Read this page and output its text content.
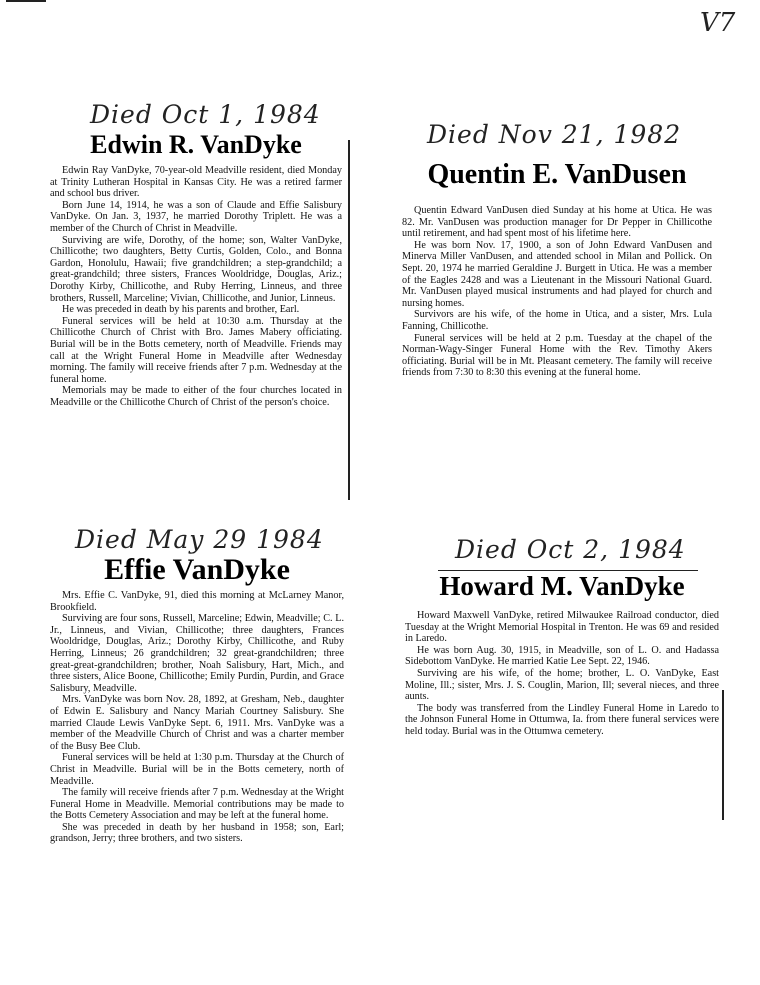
V7
Died Oct 1, 1984
Edwin R. VanDyke

Edwin Ray VanDyke, 70-year-old Meadville resident, died Monday at Trinity Lutheran Hospital in Kansas City. He was a retired farmer and school bus driver.

Born June 14, 1914, he was a son of Claude and Effie Salisbury VanDyke. On Jan. 3, 1937, he married Dorothy Triplett. He was a member of the Church of Christ in Meadville.

Surviving are wife, Dorothy, of the home; son, Walter VanDyke, Chillicothe; two daughters, Betty Curtis, Golden, Colo., and Bonna Gardon, Honolulu, Hawaii; five grandchildren; a step-grandchild; a great-grandchild; three sisters, Frances Wooldridge, Douglas, Ariz.; Dorothy Kirby, Chillicothe, and Ruby Herring, Linneus, and three brothers, Russell, Marceline; Vivian, Chillicothe, and Junior, Linneus.

He was preceded in death by his parents and brother, Earl.

Funeral services will be held at 10:30 a.m. Thursday at the Chillicothe Church of Christ with Bro. James Mabery officiating. Burial will be in the Botts cemetery, north of Meadville. Friends may call at the Wright Funeral Home in Meadville after Wednesday morning. The family will receive friends after 7 p.m. Wednesday at the funeral home.

Memorials may be made to either of the four churches located in Meadville or the Chillicothe Church of Christ of the person's choice.

Died Nov 21, 1982
Quentin E. VanDusen

Quentin Edward VanDusen died Sunday at his home at Utica. He was 82. Mr. VanDusen was production manager for Dr Pepper in Chillicothe until retirement, and had spent most of his lifetime here.

He was born Nov. 17, 1900, a son of John Edward VanDusen and Minerva Miller VanDusen, and attended school in Milan and Pollick. On Sept. 20, 1974 he married Geraldine J. Burgett in Utica. He was a member of the Eagles 2428 and was a Lieutenant in the Missouri National Guard. Mr. VanDusen played musical instruments and had played for church and nursing homes.

Survivors are his wife, of the home in Utica, and a sister, Mrs. Lula Fanning, Chillicothe.

Funeral services will be held at 2 p.m. Tuesday at the chapel of the Norman-Wagy-Singer Funeral Home with the Rev. Timothy Akers officiating. Burial will be in Mt. Pleasant cemetery. The family will receive friends from 7:30 to 8:30 this evening at the funeral home.

Died May 29 1984
Effie VanDyke

Mrs. Effie C. VanDyke, 91, died this morning at McLarney Manor, Brookfield.

Surviving are four sons, Russell, Marceline; Edwin, Meadville; C. L. Jr., Linneus, and Vivian, Chillicothe; three daughters, Frances Wooldridge, Douglas, Ariz.; Dorothy Kirby, Chillicothe, and Ruby Herring, Linneus; 26 grandchildren; 32 great-grandchildren; three great-great-grandchildren; brother, Noah Salisbury, Hart, Mich., and three sisters, Alice Boone, Chillicothe; Emily Purdin, Purdin, and Grace Salisbury, Meadville.

Mrs. VanDyke was born Nov. 28, 1892, at Gresham, Neb., daughter of Edwin E. Salisbury and Nancy Mariah Courtney Salisbury. She married Claude Lewis VanDyke Sept. 6, 1911. Mrs. VanDyke was a member of the Meadville Church of Christ and was a charter member of the Busy Bee Club.

Funeral services will be held at 1:30 p.m. Thursday at the Church of Christ in Meadville. Burial will be in the Botts cemetery, north of Meadville.

The family will receive friends after 7 p.m. Wednesday at the Wright Funeral Home in Meadville. Memorial contributions may be made to the Botts Cemetery Association and may be left at the funeral home.

She was preceded in death by her husband in 1958; son, Earl; grandson, Jerry; three brothers, and two sisters.

Died Oct 2, 1984
Howard M. VanDyke

Howard Maxwell VanDyke, retired Milwaukee Railroad conductor, died Tuesday at the Wright Memorial Hospital in Trenton. He was 69 and resided in Laredo.

He was born Aug. 30, 1915, in Meadville, son of L. O. and Hadassa Sidebottom VanDyke. He married Katie Lee Sept. 22, 1946.

Surviving are his wife, of the home; brother, L. O. VanDyke, East Moline, Ill.; sister, Mrs. J. S. Couglin, Marion, Ill; several nieces, and three aunts.

The body was transferred from the Lindley Funeral Home in Laredo to the Johnson Funeral Home in Ottumwa, Ia. from there funeral services were held today. Burial was in the Ottumwa cemetery.
